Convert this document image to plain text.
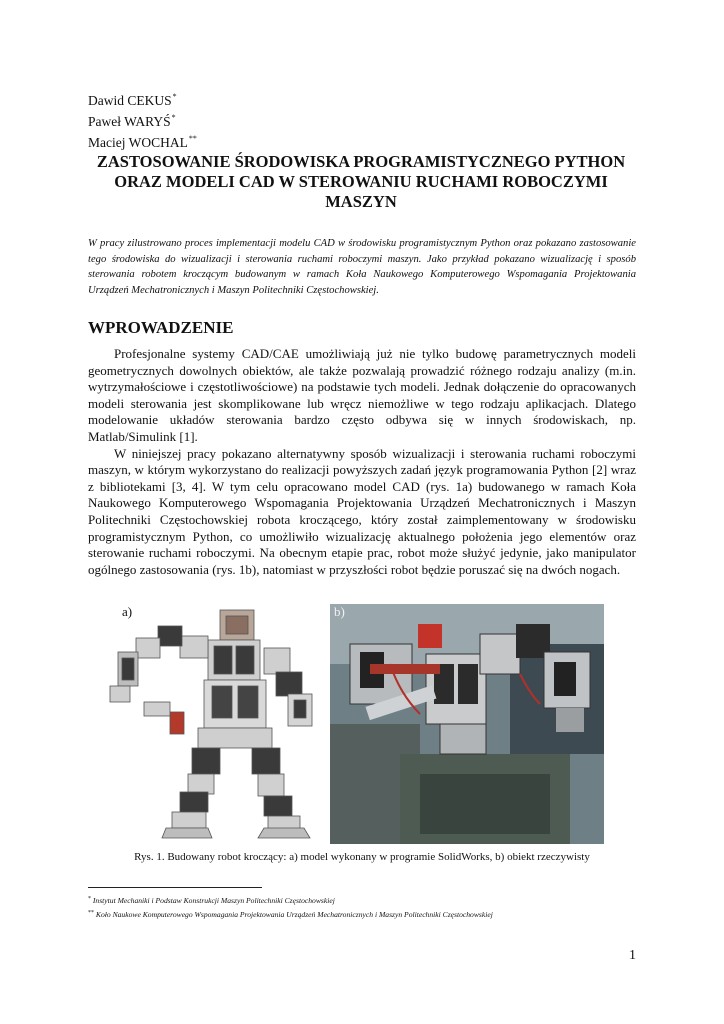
Dawid CEKUS*
Paweł WARYŚ*
Maciej WOCHAL**
ZASTOSOWANIE ŚRODOWISKA PROGRAMISTYCZNEGO PYTHON
ORAZ MODELI CAD W STEROWANIU RUCHAMI ROBOCZYMI
MASZYN
W pracy zilustrowano proces implementacji modelu CAD w środowisku programistycznym Python oraz pokazano zastosowanie tego środowiska do wizualizacji i sterowania ruchami roboczymi maszyn. Jako przykład pokazano wizualizację i sposób sterowania robotem kroczącym budowanym w ramach Koła Naukowego Komputerowego Wspomagania Projektowania Urządzeń Mechatronicznych i Maszyn Politechniki Częstochowskiej.
WPROWADZENIE

Profesjonalne systemy CAD/CAE umożliwiają już nie tylko budowę parametrycznych modeli geometrycznych dowolnych obiektów, ale także pozwalają prowadzić różnego rodzaju analizy (m.in. wytrzymałościowe i częstotliwościowe) na podstawie tych modeli. Jednak dołączenie do opracowanych modeli sterowania jest skomplikowane lub wręcz niemożliwe w tego rodzaju aplikacjach. Dlatego modelowanie układów sterowania bardzo często odbywa się w innych środowiskach, np. Matlab/Simulink [1].

W niniejszej pracy pokazano alternatywny sposób wizualizacji i sterowania ruchami roboczymi maszyn, w którym wykorzystano do realizacji powyższych zadań język programowania Python [2] wraz z bibliotekami [3, 4]. W tym celu opracowano model CAD (rys. 1a) budowanego w ramach Koła Naukowego Komputerowego Wspomagania Projektowania Urządzeń Mechatronicznych i Maszyn Politechniki Częstochowskiej robota kroczącego, który został zaimplementowany w środowisku programistycznym Python, co umożliwiło wizualizację aktualnego położenia jego elementów oraz sterowanie ruchami roboczymi. Na obecnym etapie prac, robot może służyć jedynie, jako manipulator ogólnego zastosowania (rys. 1b), natomiast w przyszłości robot będzie poruszać się na dwóch nogach.

a)	b)
Rys. 1. Budowany robot kroczący: a) model wykonany w programie SolidWorks, b) obiekt rzeczywisty
* Instytut Mechaniki i Podstaw Konstrukcji Maszyn Politechniki Częstochowskiej
** Koło Naukowe Komputerowego Wspomagania Projektowania Urządzeń Mechatronicznych i Maszyn Politechniki Częstochowskiej
1
